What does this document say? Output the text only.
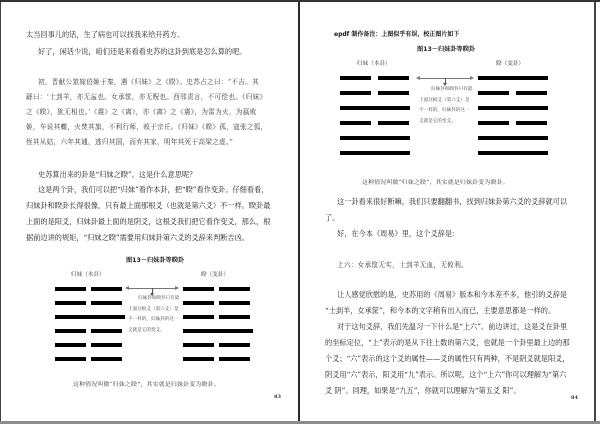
太当回事儿的话，生了病也可以找我来给开药方。
好了，闲话少说，咱们还是来看看史苏的这卦到底是怎么算的吧。
初，晋献公筮嫁伯姬于秦，遇《归妹》之《睽》。史苏占之曰：“不吉。其
繇曰：‘士刲羊，亦无衁也。女承筐，亦无贶也。西邻责言，不可偿也。《归妹》
之《睽》，犹无相也。’《震》之《离》，亦《离》之《震》，为雷为火，为嬴败
姬，车说其輹，火焚其旗，不利行师，败于宗丘。《归妹》《睽》孤，寇张之弧，
侄其从姑，六年其逋，逃归其国，而弃其家，明年其死于高梁之虚。”
史苏算出来的卦是“归妹之睽”。这是什么意思呢？
这是两个卦，我们可以把“归妹”看作本卦，把“睽”看作变卦。仔细看看，
归妹卦和睽卦长得很像，只有最上面那根爻（也就是第六爻）不一样。睽卦最
上面的是阳爻，归妹卦最上面的是阴爻，这根爻我们把它看作变爻，那么，根
据前边讲的规矩，“归妹之睽”需要用归妹卦第六爻的爻辞来判断吉凶。
图13－归妹卦等睽卦
归妹（本卦）	睽（变卦）
归妹卦和睽卦只有最上面这根爻（第六爻）是不一样的，归妹卦的这一爻就是它的变爻。
这种情况叫做“归妹之睽”，其实就是归妹卦变为睽卦。
83
epdf 制作备注：上图似乎有误，校正图片如下
图13－归妹卦等睽卦
归妹（本卦）	睽（变卦）
归妹卦和睽卦只有最上面这根爻（第六爻）是不一样的，归妹卦的这一爻就是它的变爻。
这种情况叫做“归妹之睽”，其实就是归妹卦变为睽卦。
这一卦看来很好断嘛，我们只要翻翻书，找到归妹卦第六爻的爻辞就可以
了。
好，在今本《周易》里，这个爻辞是：
上六：女承筐无实，士刲羊无血，无攸利。
让人感觉欣慰的是，史苏用的《周易》版本和今本差不多，他引的爻辞是
“士刲羊，女承筐”，和今本的文字稍有出入而已，主要意思都是一样的。
对于这句爻辞，我们先温习一下什么是“上六”。前边讲过，这是爻在卦里
的坐标定位，“上”表示的是从下往上数的第六爻，也就是一个卦里最上边的那
个爻；“六”表示的这个爻的属性——爻的属性只有两种，不是阴爻就是阳爻，
阴爻用“六”表示，阳爻用“九”表示。所以呢，这个“上六”你可以理解为“第六
爻 阴”。同理，如果是“九五”，你就可以理解为“第五爻 阳”。
84
